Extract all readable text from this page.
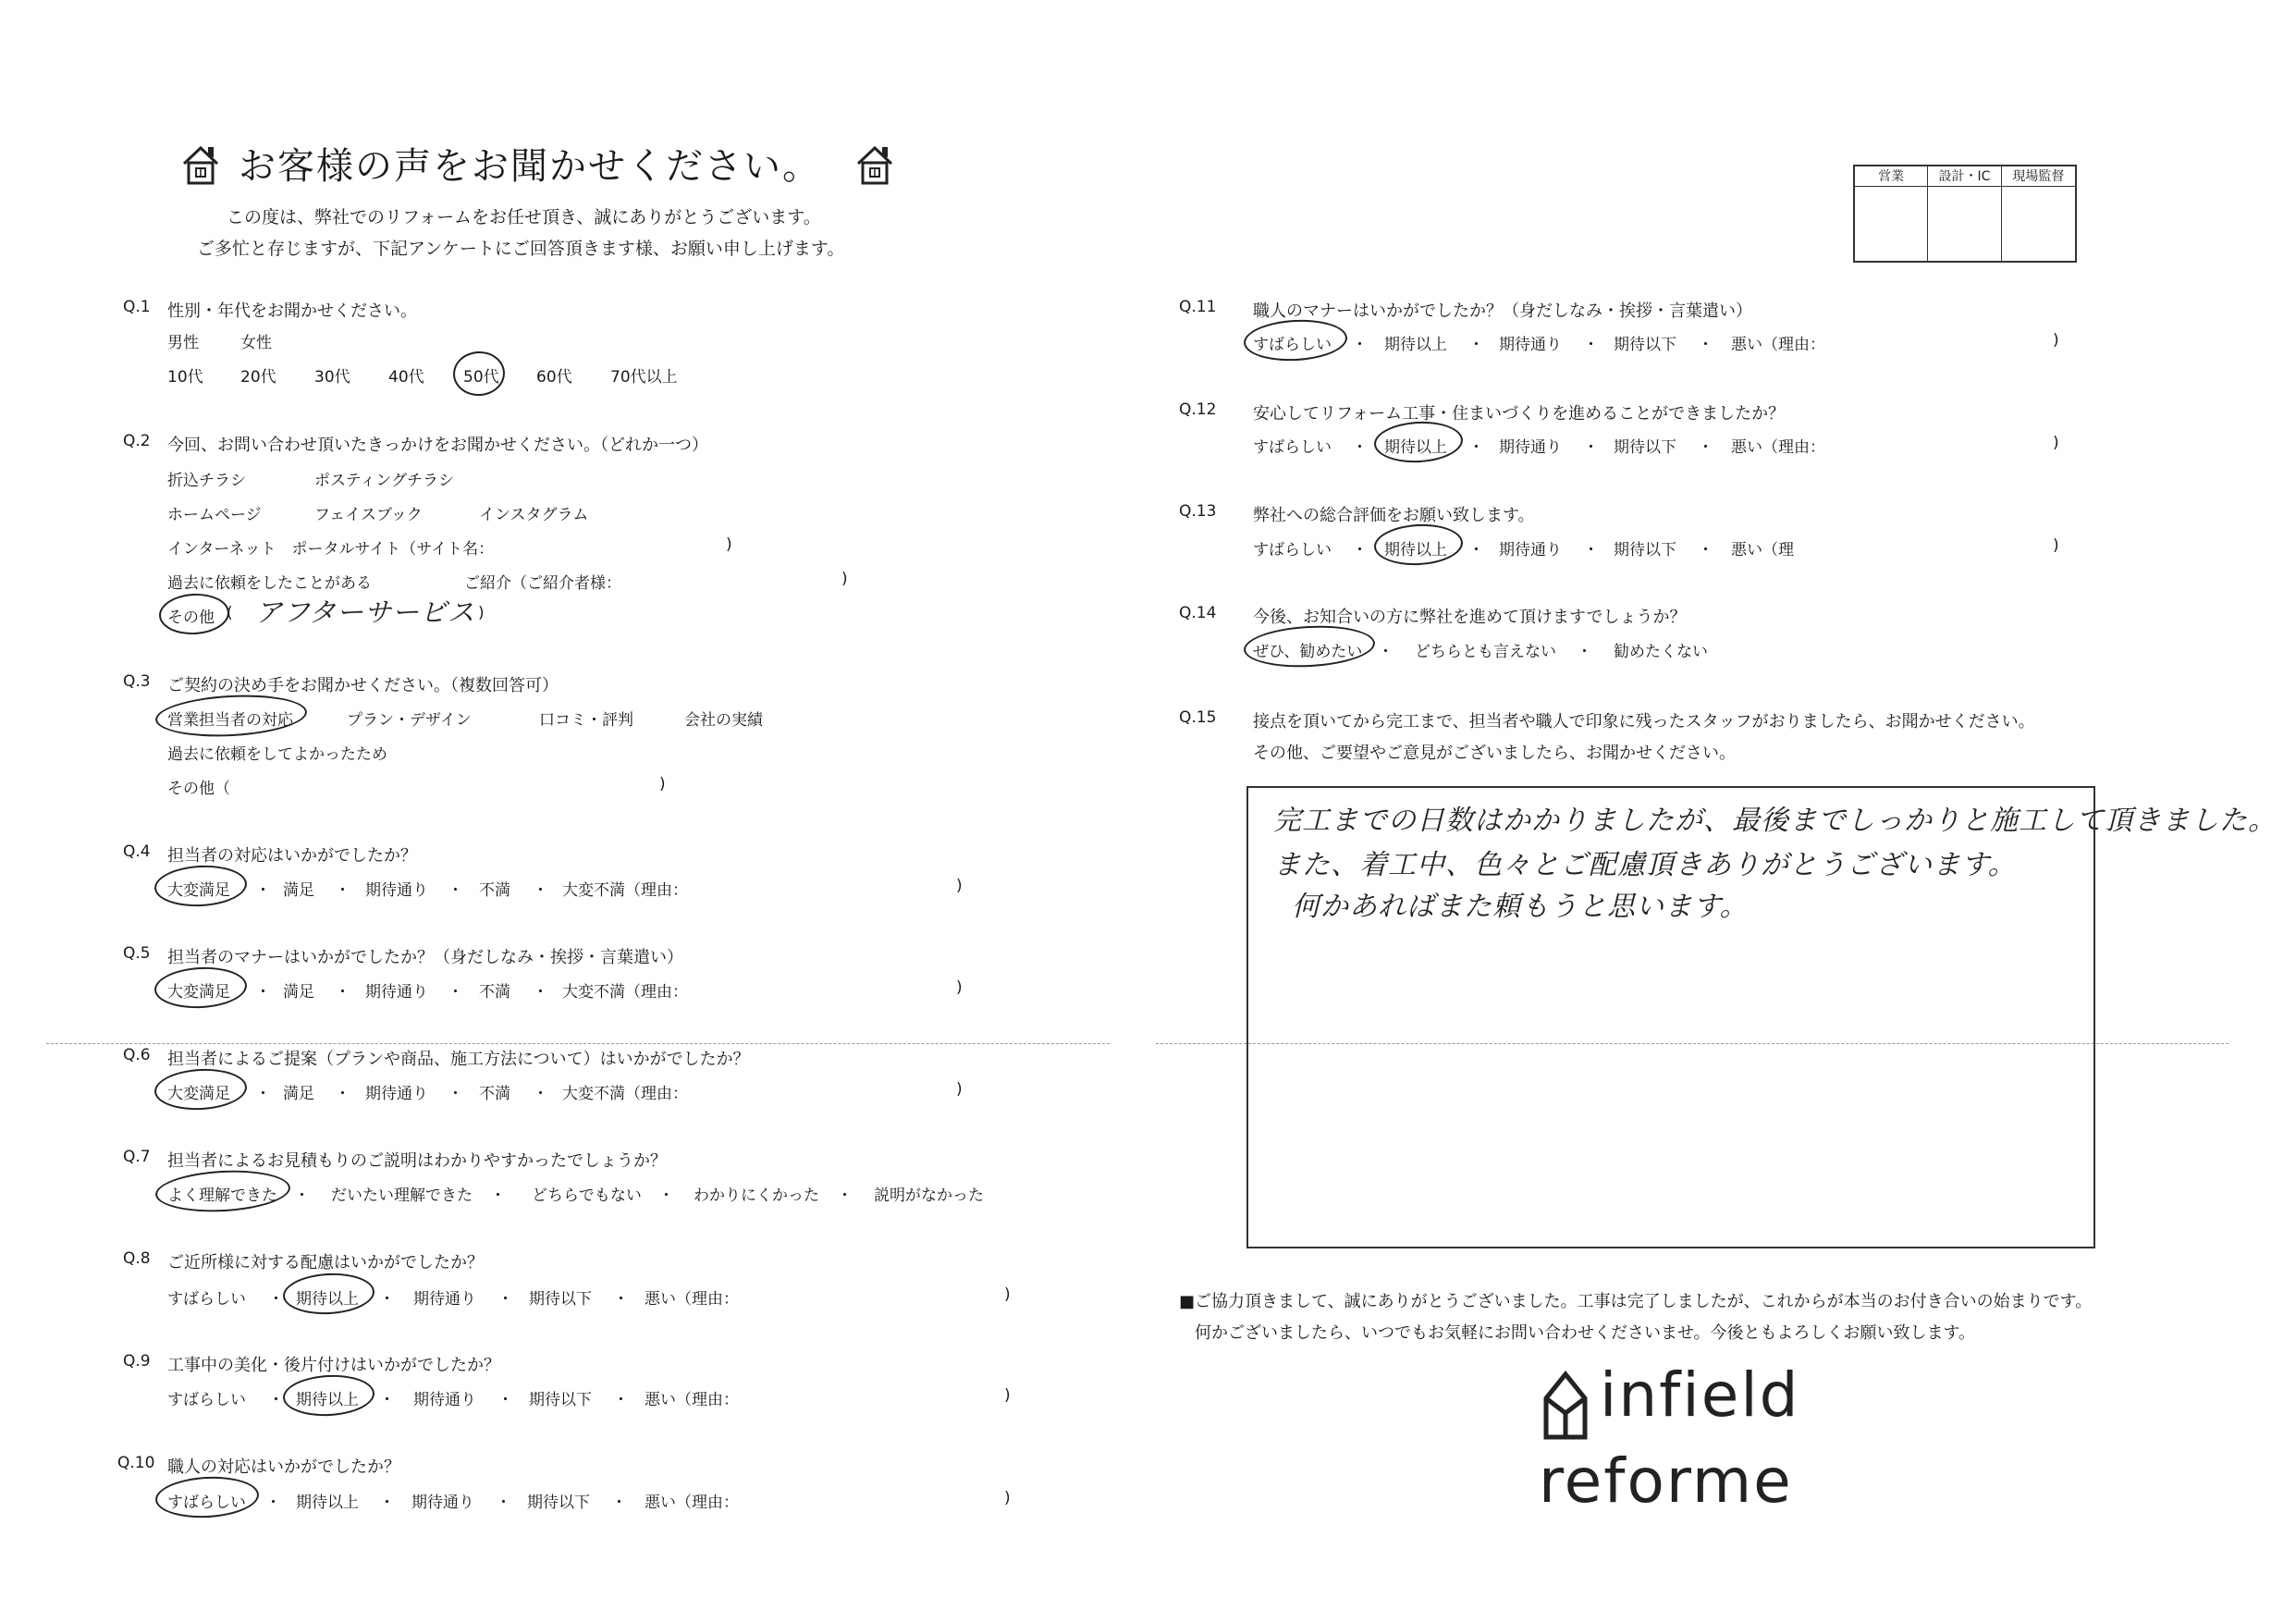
お客様の声をお聞かせください。
この度は、弊社でのリフォームをお任せ頂き、誠にありがとうございます。
ご多忙と存じますが、下記アンケートにご回答頂きます様、お願い申し上げます。
営業	設計・IC	現場監督
Q.1 性別・年代をお聞かせください。
男性	女性
10代 20代 30代 40代 50代 60代 70代以上
Q.2 今回、お問い合わせ頂いたきっかけをお聞かせください。（どれか一つ）
折込チラシ	ポスティングチラシ
ホームページ	フェイスブック	インスタグラム
インターネット　ポータルサイト（サイト名：	)
過去に依頼をしたことがある	ご紹介（ご紹介者様：	)
その他 ( アフターサービス )
Q.3 ご契約の決め手をお聞かせください。（複数回答可）
営業担当者の対応	プラン・デザイン	口コミ・評判	会社の実績
過去に依頼をしてよかったため
その他（	)
Q.4 担当者の対応はいかがでしたか？
大変満足 ・ 満足 ・ 期待通り ・ 不満 ・ 大変不満（理由：	)
Q.5 担当者のマナーはいかがでしたか？（身だしなみ・挨拶・言葉遣い）
大変満足 ・ 満足 ・ 期待通り ・ 不満 ・ 大変不満（理由：	)
Q.6 担当者によるご提案（プランや商品、施工方法について）はいかがでしたか？
大変満足 ・ 満足 ・ 期待通り ・ 不満 ・ 大変不満（理由：	)
Q.7 担当者によるお見積もりのご説明はわかりやすかったでしょうか？
よく理解できた ・ だいたい理解できた ・ どちらでもない ・ わかりにくかった ・ 説明がなかった
Q.8 ご近所様に対する配慮はいかがでしたか？
すばらしい ・ 期待以上 ・ 期待通り ・ 期待以下 ・ 悪い（理由：	)
Q.9 工事中の美化・後片付けはいかがでしたか？
すばらしい ・ 期待以上 ・ 期待通り ・ 期待以下 ・ 悪い（理由：	)
Q.10 職人の対応はいかがでしたか？
すばらしい ・ 期待以上 ・ 期待通り ・ 期待以下 ・ 悪い（理由：	)
Q.11 職人のマナーはいかがでしたか？（身だしなみ・挨拶・言葉遣い）
すばらしい ・ 期待以上 ・ 期待通り ・ 期待以下 ・ 悪い（理由：	)
Q.12 安心してリフォーム工事・住まいづくりを進めることができましたか？
すばらしい ・ 期待以上 ・ 期待通り ・ 期待以下 ・ 悪い（理由：	)
Q.13 弊社への総合評価をお願い致します。
すばらしい ・ 期待以上 ・ 期待通り ・ 期待以下 ・ 悪い（理	)
Q.14 今後、お知合いの方に弊社を進めて頂けますでしょうか？
ぜひ、勧めたい ・ どちらとも言えない ・ 勧めたくない
Q.15 接点を頂いてから完工まで、担当者や職人で印象に残ったスタッフがおりましたら、お聞かせください。
その他、ご要望やご意見がございましたら、お聞かせください。
完工までの日数はかかりましたが、最後までしっかりと施工して頂きました。
また、着工中、色々とご配慮頂きありがとうございます。
何かあればまた頼もうと思います。
■ご協力頂きまして、誠にありがとうございました。工事は完了しましたが、これからが本当のお付き合いの始まりです。
何かございましたら、いつでもお気軽にお問い合わせくださいませ。今後ともよろしくお願い致します。
infield
reforme
